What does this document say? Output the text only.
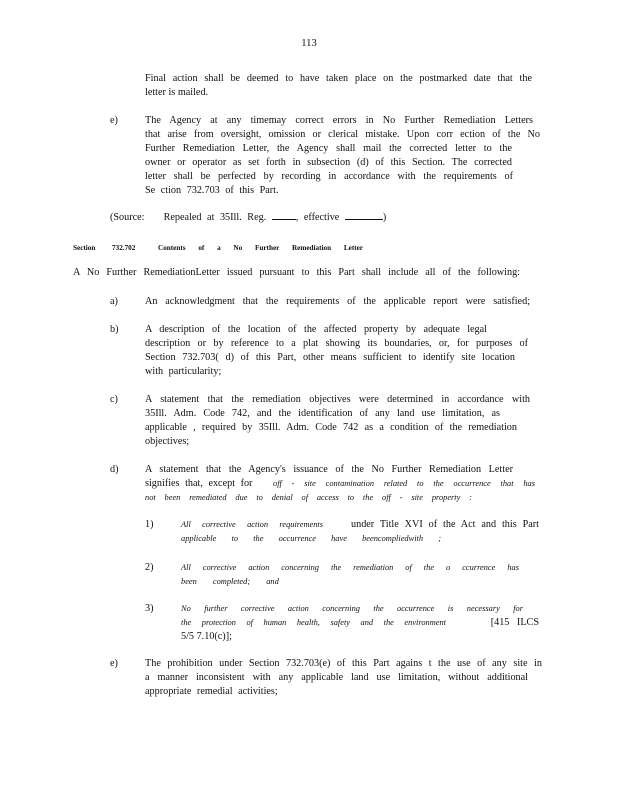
113
Final action shall be deemed to have taken place on the postmarked date that the
letter is mailed.
e)	The Agency at any timemay correct errors in No Further Remediation Letters
that arise from oversight, omission or clerical mistake. Upon corr ection of the No
Further Remediation Letter, the Agency shall mail the corrected letter to the
owner or operator as set forth in subsection (d) of this Section. The corrected
letter shall be perfected by recording in accordance with the requirements of
Se ction 732.703 of this Part.
(Source: Repealed at 35Ill. Reg.	, effective	)
Section 732.702	Contents of a No Further Remediation Letter
A No Further RemediationLetter issued pursuant to this Part shall include all of the following:
a)	An acknowledgment that the requirements of the applicable report were satisfied;
b)	A description of the location of the affected property by adequate legal
description or by reference to a plat showing its boundaries, or, for purposes of
Section 732.703( d) of this Part, other means sufficient to identify site location
with particularity;
c)	A statement that the remediation objectives were determined in accordance with
35Ill. Adm. Code 742, and the identification of any land use limitation, as
applicable , required by 35Ill. Adm. Code 742 as a condition of the remediation
objectives;
d)	A statement that the Agency's issuance of the No Further Remediation Letter
signifies that, except for off - site contamination related to the occurrence that has
not been remediated due to denial of access to the off - site property :
1)	All corrective action requirements	under Title XVI of the Act and this Part
applicable to the occurrence have beencompliedwith ;
2)	All corrective action concerning the remediation of the o ccurrence has
been completed; and
3)	No further corrective action concerning the occurrence is necessary for
the protection of human health, safety and the environment	[415 ILCS
5/5 7.10(c)];
e)	The prohibition under Section 732.703(e) of this Part agains t the use of any site in
a manner inconsistent with any applicable land use limitation, without additional
appropriate remedial activities;
